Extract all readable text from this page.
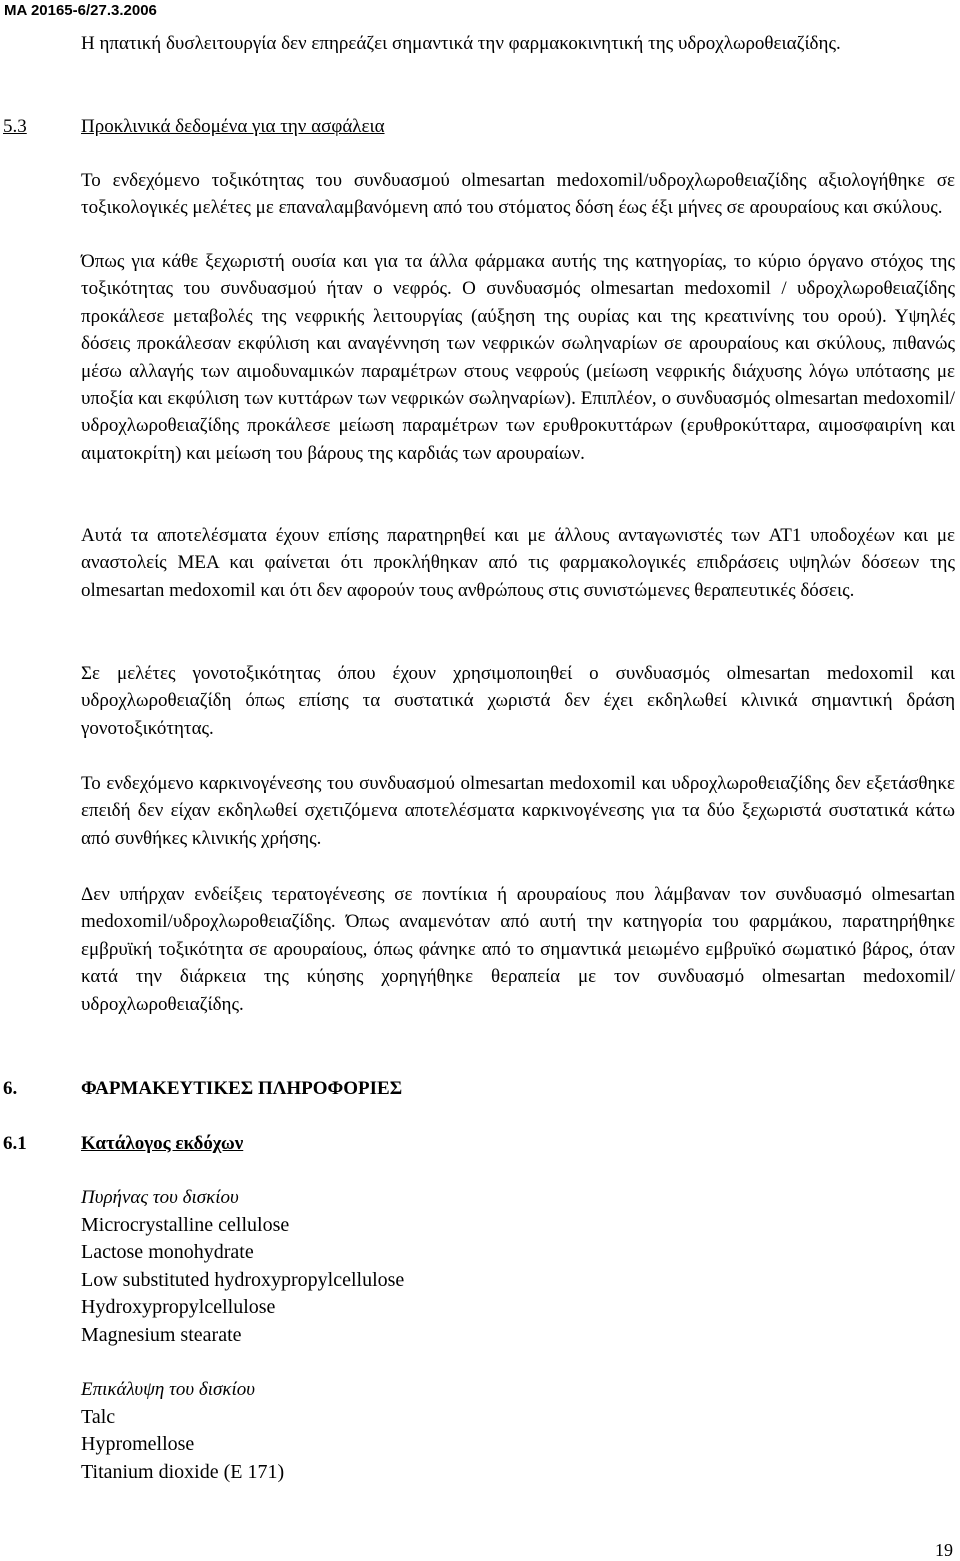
MA 20165-6/27.3.2006

Η ηπατική δυσλειτουργία δεν επηρεάζει σημαντικά την φαρμακοκινητική της υδροχλωροθειαζίδης.

5.3	Προκλινικά δεδομένα για την ασφάλεια

Το ενδεχόμενο τοξικότητας του συνδυασμού olmesartan medoxomil/υδροχλωροθειαζίδης αξιολογήθηκε σε τοξικολογικές μελέτες με επαναλαμβανόμενη από του στόματος δόση έως έξι μήνες σε αρουραίους και σκύλους.

Όπως για κάθε ξεχωριστή ουσία και για τα άλλα φάρμακα αυτής της κατηγορίας, το κύριο όργανο στόχος της τοξικότητας του συνδυασμού ήταν ο νεφρός. Ο συνδυασμός olmesartan medoxomil / υδροχλωροθειαζίδης προκάλεσε μεταβολές της νεφρικής λειτουργίας (αύξηση της ουρίας και της κρεατινίνης του ορού). Υψηλές δόσεις προκάλεσαν εκφύλιση και αναγέννηση των νεφρικών σωληναρίων σε αρουραίους και σκύλους, πιθανώς μέσω αλλαγής των αιμοδυναμικών παραμέτρων στους νεφρούς (μείωση νεφρικής διάχυσης λόγω υπότασης με υποξία και εκφύλιση των κυττάρων των νεφρικών σωληναρίων). Επιπλέον, ο συνδυασμός olmesartan medoxomil/υδροχλωροθειαζίδης προκάλεσε μείωση παραμέτρων των ερυθροκυττάρων (ερυθροκύτταρα, αιμοσφαιρίνη και αιματοκρίτη) και μείωση του βάρους της καρδιάς των αρουραίων.

Αυτά τα αποτελέσματα έχουν επίσης παρατηρηθεί και με άλλους ανταγωνιστές των AT1 υποδοχέων και με αναστολείς ΜΕΑ και φαίνεται ότι προκλήθηκαν από τις φαρμακολογικές επιδράσεις υψηλών δόσεων της olmesartan medoxomil και ότι δεν αφορούν τους ανθρώπους στις συνιστώμενες θεραπευτικές δόσεις.

Σε μελέτες γονοτοξικότητας όπου έχουν χρησιμοποιηθεί ο συνδυασμός olmesartan medoxomil και υδροχλωροθειαζίδη όπως επίσης τα συστατικά χωριστά δεν έχει εκδηλωθεί κλινικά σημαντική δράση γονοτοξικότητας.

Το ενδεχόμενο καρκινογένεσης του συνδυασμού olmesartan medoxomil και υδροχλωροθειαζίδης δεν εξετάσθηκε επειδή δεν είχαν εκδηλωθεί σχετιζόμενα αποτελέσματα καρκινογένεσης για τα δύο ξεχωριστά συστατικά κάτω από συνθήκες κλινικής χρήσης.

Δεν υπήρχαν ενδείξεις τερατογένεσης σε ποντίκια ή αρουραίους που λάμβαναν τον συνδυασμό olmesartan medoxomil/υδροχλωροθειαζίδης. Όπως αναμενόταν από αυτή την κατηγορία του φαρμάκου, παρατηρήθηκε εμβρυϊκή τοξικότητα σε αρουραίους, όπως φάνηκε από το σημαντικά μειωμένο εμβρυϊκό σωματικό βάρος, όταν κατά την διάρκεια της κύησης χορηγήθηκε θεραπεία με τον συνδυασμό olmesartan medoxomil/υδροχλωροθειαζίδης.

6.	ΦΑΡΜΑΚΕΥΤΙΚΕΣ ΠΛΗΡΟΦΟΡΙΕΣ
6.1	Κατάλογος εκδόχων
Πυρήνας του δισκίου
Microcrystalline cellulose
Lactose monohydrate
Low substituted hydroxypropylcellulose
Hydroxypropylcellulose
Magnesium stearate
Επικάλυψη του δισκίου
Talc
Hypromellose
Titanium dioxide (E 171)
19
